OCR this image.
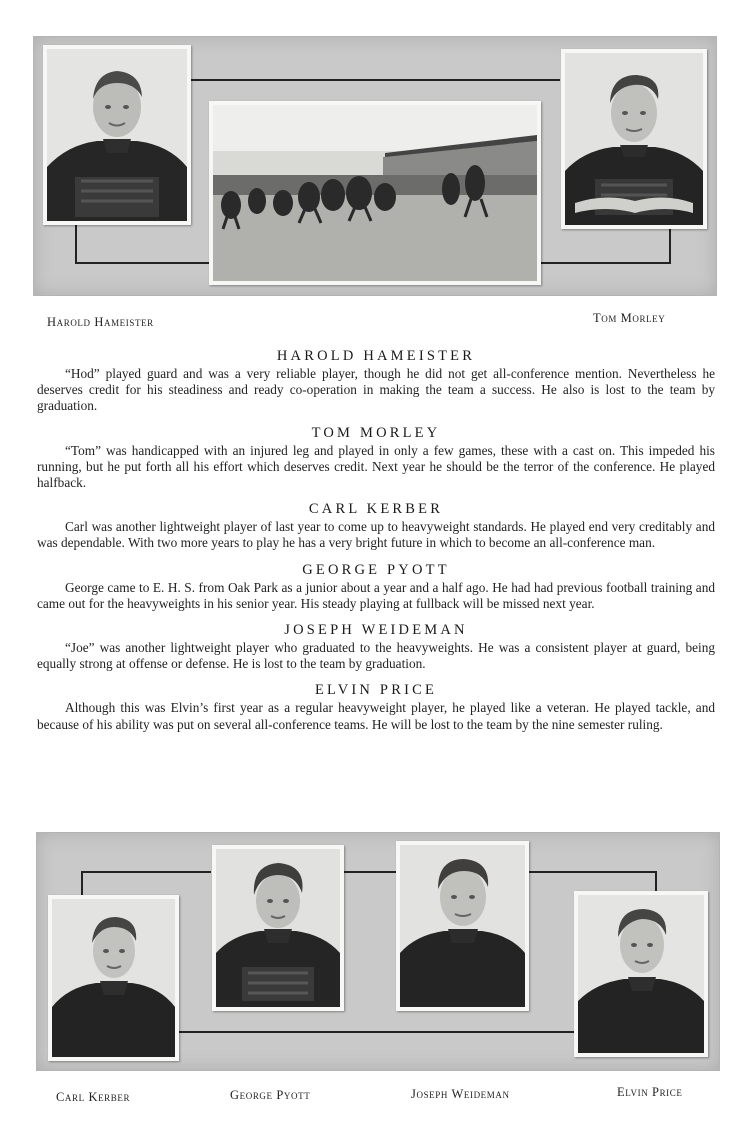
Harold Hameister	Tom Morley
HAROLD HAMEISTER

“Hod” played guard and was a very reliable player, though he did not get all-conference mention. Nevertheless he deserves credit for his steadiness and ready co-operation in making the team a success. He also is lost to the team by graduation.

TOM MORLEY

“Tom” was handicapped with an injured leg and played in only a few games, these with a cast on. This impeded his running, but he put forth all his effort which deserves credit. Next year he should be the terror of the conference. He played halfback.

CARL KERBER

Carl was another lightweight player of last year to come up to heavyweight standards. He played end very creditably and was dependable. With two more years to play he has a very bright future in which to become an all-conference man.

GEORGE PYOTT

George came to E. H. S. from Oak Park as a junior about a year and a half ago. He had had previous football training and came out for the heavyweights in his senior year. His steady playing at fullback will be missed next year.

JOSEPH WEIDEMAN

“Joe” was another lightweight player who graduated to the heavyweights. He was a consistent player at guard, being equally strong at offense or defense. He is lost to the team by graduation.

ELVIN PRICE

Although this was Elvin’s first year as a regular heavyweight player, he played like a veteran. He played tackle, and because of his ability was put on several all-conference teams. He will be lost to the team by the nine semester ruling.

Carl Kerber	George Pyott	Joseph Weideman	Elvin Price
